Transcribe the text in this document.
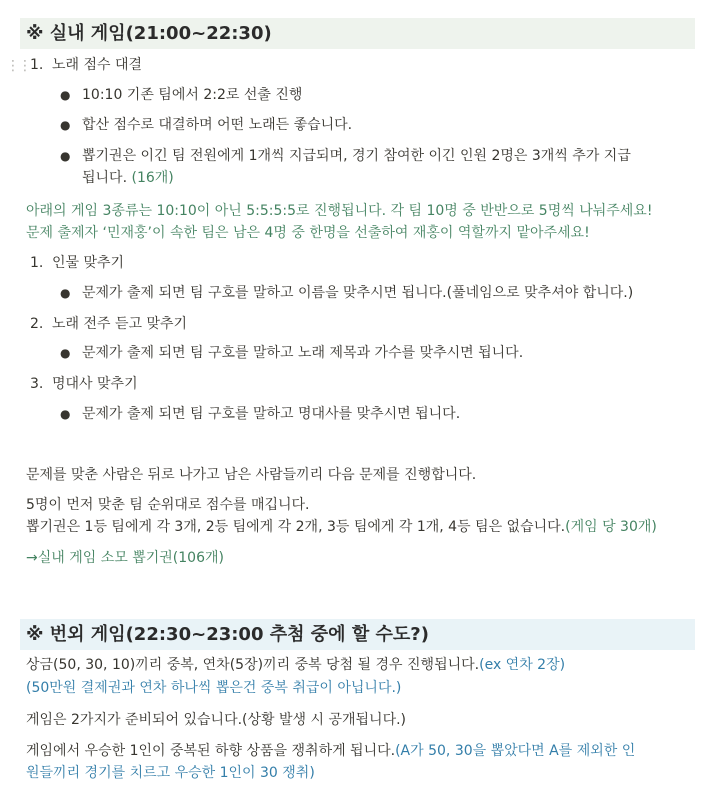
※ 실내 게임(21:00~22:30)
⋮⋮ 1. 노래 점수 대결
● 10:10 기존 팀에서 2:2로 선출 진행
● 합산 점수로 대결하며 어떤 노래든 좋습니다.
● 뽑기권은 이긴 팀 전원에게 1개씩 지급되며, 경기 참여한 이긴 인원 2명은 3개씩 추가 지급
됩니다. (16개)
아래의 게임 3종류는 10:10이 아닌 5:5:5:5로 진행됩니다. 각 팀 10명 중 반반으로 5명씩 나눠주세요!
문제 출제자 ‘민재홍’이 속한 팀은 남은 4명 중 한명을 선출하여 재홍이 역할까지 맡아주세요!
1. 인물 맞추기
● 문제가 출제 되면 팀 구호를 말하고 이름을 맞추시면 됩니다.(풀네임으로 맞추셔야 합니다.)
2. 노래 전주 듣고 맞추기
● 문제가 출제 되면 팀 구호를 말하고 노래 제목과 가수를 맞추시면 됩니다.
3. 명대사 맞추기
● 문제가 출제 되면 팀 구호를 말하고 명대사를 맞추시면 됩니다.
문제를 맞춘 사람은 뒤로 나가고 남은 사람들끼리 다음 문제를 진행합니다.
5명이 먼저 맞춘 팀 순위대로 점수를 매깁니다.
뽑기권은 1등 팀에게 각 3개, 2등 팀에게 각 2개, 3등 팀에게 각 1개, 4등 팀은 없습니다.(게임 당 30개)
→실내 게임 소모 뽑기권(106개)
※ 번외 게임(22:30~23:00 추첨 중에 할 수도?)
상금(50, 30, 10)끼리 중복, 연차(5장)끼리 중복 당첨 될 경우 진행됩니다.(ex 연차 2장)
(50만원 결제권과 연차 하나씩 뽑은건 중복 취급이 아닙니다.)
게임은 2가지가 준비되어 있습니다.(상황 발생 시 공개됩니다.)
게임에서 우승한 1인이 중복된 하향 상품을 쟁취하게 됩니다.(A가 50, 30을 뽑았다면 A를 제외한 인
원들끼리 경기를 치르고 우승한 1인이 30 쟁취)
